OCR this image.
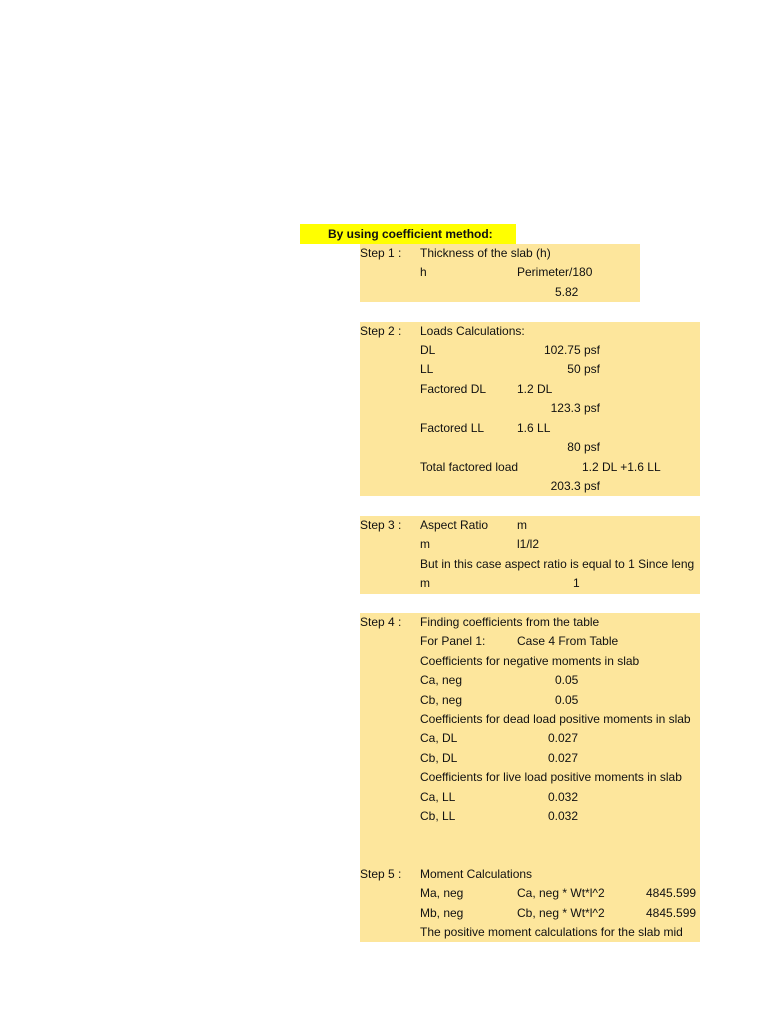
By using coefficient method:
Step 1 : Thickness of the slab (h)
h	Perimeter/180
5.82
Step 2 : Loads Calculations:
DL	102.75 psf
LL	50 psf
Factored DL	1.2 DL
123.3 psf
Factored LL	1.6 LL
80 psf
Total factored load	1.2 DL +1.6 LL
203.3 psf
Step 3 : Aspect Ratio m
m	l1/l2
But in this case aspect ratio is equal to 1 Since leng
m	1
Step 4 : Finding coefficients from the table
For Panel 1:	Case 4 From Table
Coefficients for negative moments in slab
Ca, neg	0.05
Cb, neg	0.05
Coefficients for dead load positive moments in slab
Ca, DL	0.027
Cb, DL	0.027
Coefficients for live load positive moments in slab
Ca, LL	0.032
Cb, LL	0.032
Step 5 : Moment Calculations
Ma, neg	Ca, neg * Wt*l^2	4845.599
Mb, neg	Cb, neg * Wt*l^2	4845.599
The positive moment calculations for the slab mid
